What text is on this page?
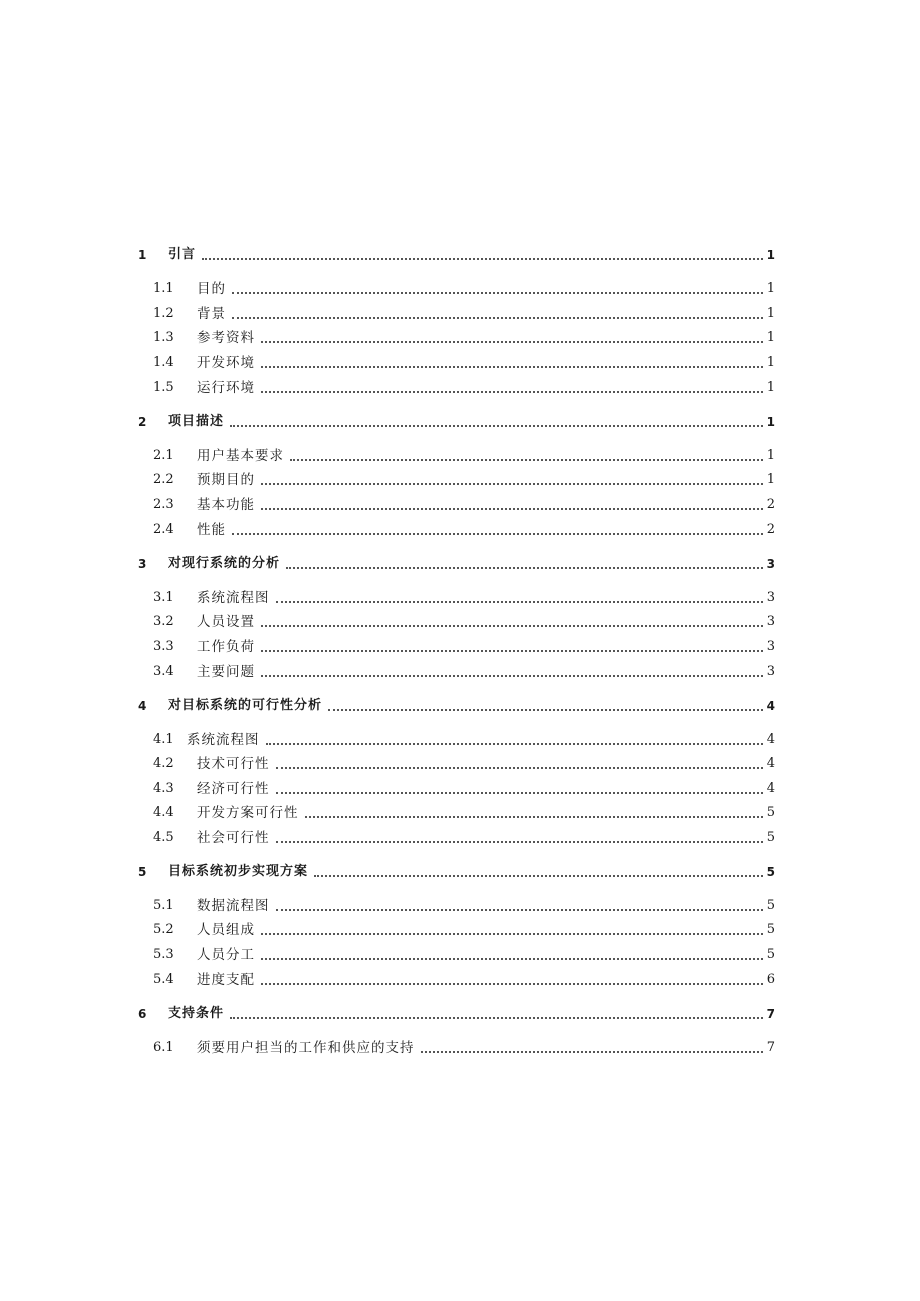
1 引言	1
1.1 目的	1
1.2 背景	1
1.3 参考资料	1
1.4 开发环境	1
1.5 运行环境	1
2 项目描述	1
2.1 用户基本要求	1
2.2 预期目的	1
2.3 基本功能	2
2.4 性能	2
3 对现行系统的分析	3
3.1 系统流程图	3
3.2 人员设置	3
3.3 工作负荷	3
3.4 主要问题	3
4 对目标系统的可行性分析	4
4.1 系统流程图	4
4.2 技术可行性	4
4.3 经济可行性	4
4.4 开发方案可行性	5
4.5 社会可行性	5
5 目标系统初步实现方案	5
5.1 数据流程图	5
5.2 人员组成	5
5.3 人员分工	5
5.4 进度支配	6
6 支持条件	7
6.1 须要用户担当的工作和供应的支持	7
